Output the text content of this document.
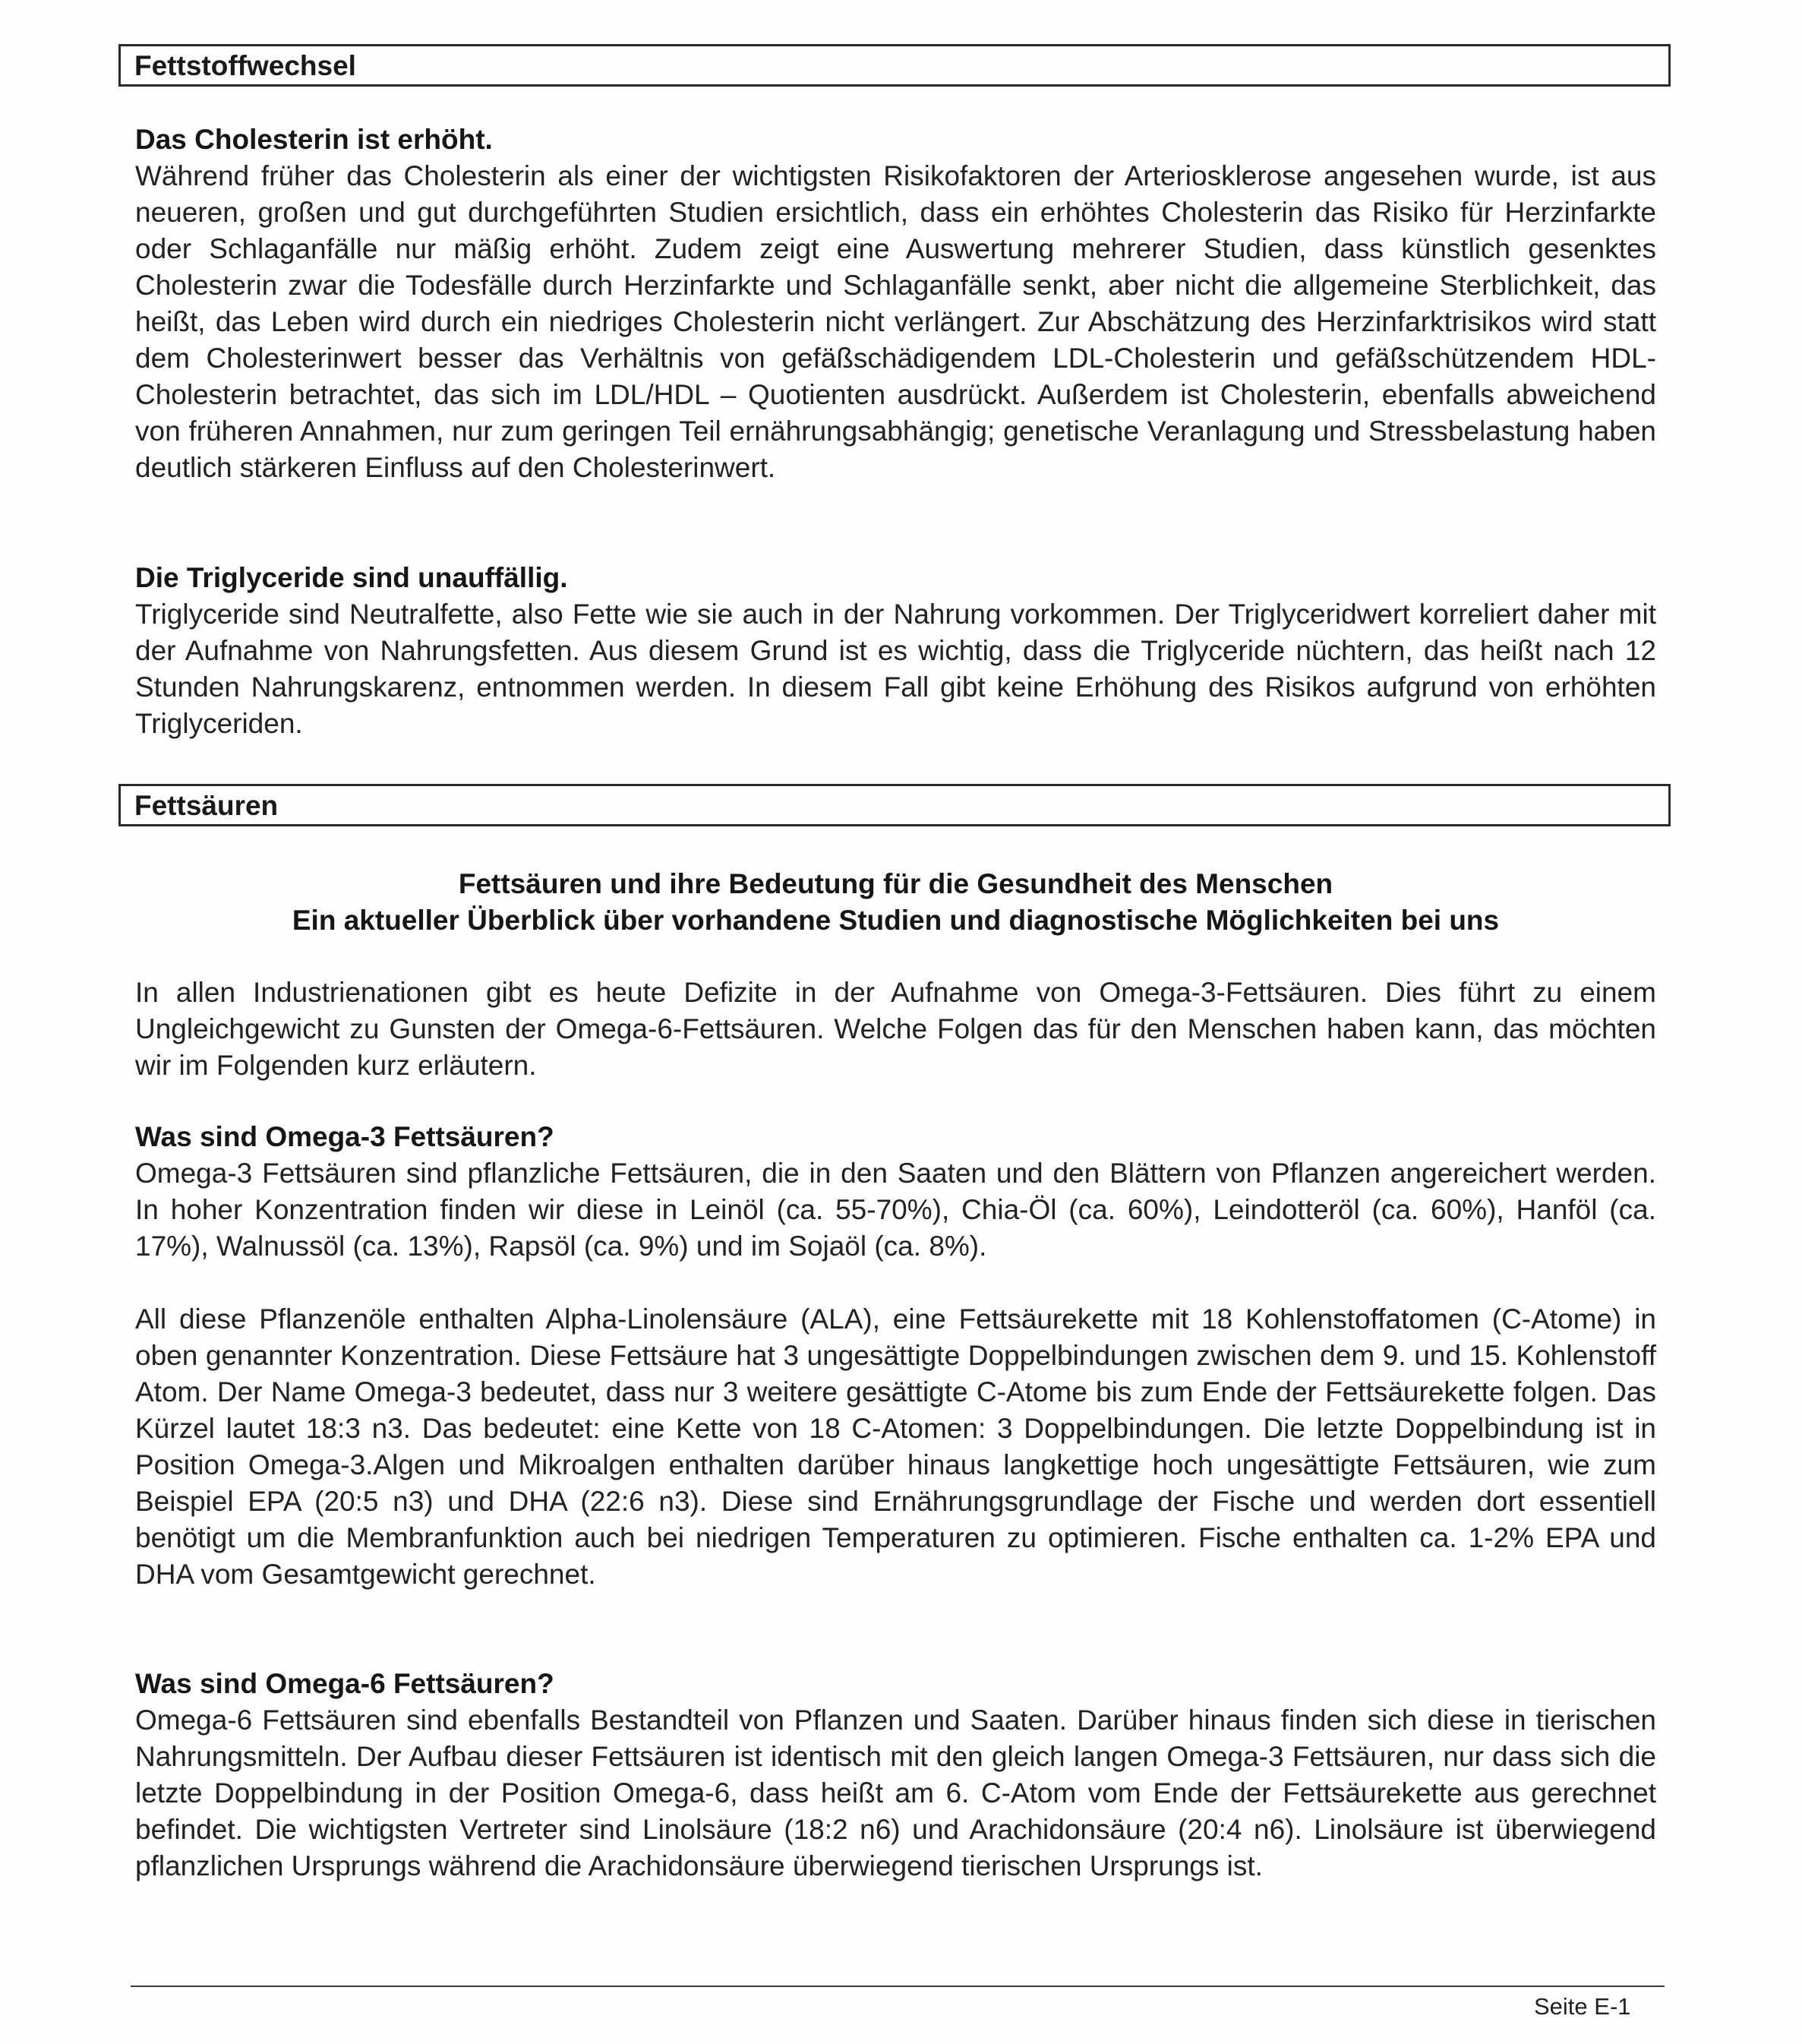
Fettstoffwechsel

Das Cholesterin ist erhöht.

Während früher das Cholesterin als einer der wichtigsten Risikofaktoren der Arteriosklerose angesehen wurde, ist aus neueren, großen und gut durchgeführten Studien ersichtlich, dass ein erhöhtes Cholesterin das Risiko für Herzinfarkte oder Schlaganfälle nur mäßig erhöht. Zudem zeigt eine Auswertung mehrerer Studien, dass künstlich gesenktes Cholesterin zwar die Todesfälle durch Herzinfarkte und Schlaganfälle senkt, aber nicht die allgemeine Sterblichkeit, das heißt, das Leben wird durch ein niedriges Cholesterin nicht verlängert. Zur Abschätzung des Herzinfarktrisikos wird statt dem Cholesterinwert besser das Verhältnis von gefäßschädigendem LDL-Cholesterin und gefäßschützendem HDL-Cholesterin betrachtet, das sich im LDL/HDL – Quotienten ausdrückt. Außerdem ist Cholesterin, ebenfalls abweichend von früheren Annahmen, nur zum geringen Teil ernährungsabhängig; genetische Veranlagung und Stressbelastung haben deutlich stärkeren Einfluss auf den Cholesterinwert.

Die Triglyceride sind unauffällig.

Triglyceride sind Neutralfette, also Fette wie sie auch in der Nahrung vorkommen. Der Triglyceridwert korreliert daher mit der Aufnahme von Nahrungsfetten. Aus diesem Grund ist es wichtig, dass die Triglyceride nüchtern, das heißt nach 12 Stunden Nahrungskarenz, entnommen werden. In diesem Fall gibt keine Erhöhung des Risikos aufgrund von erhöhten Triglyceriden.

Fettsäuren
Fettsäuren und ihre Bedeutung für die Gesundheit des Menschen
Ein aktueller Überblick über vorhandene Studien und diagnostische Möglichkeiten bei uns

In allen Industrienationen gibt es heute Defizite in der Aufnahme von Omega-3-Fettsäuren. Dies führt zu einem Ungleichgewicht zu Gunsten der Omega-6-Fettsäuren. Welche Folgen das für den Menschen haben kann, das möchten wir im Folgenden kurz erläutern.

Was sind Omega-3 Fettsäuren?

Omega-3 Fettsäuren sind pflanzliche Fettsäuren, die in den Saaten und den Blättern von Pflanzen angereichert werden. In hoher Konzentration finden wir diese in Leinöl (ca. 55-70%), Chia-Öl (ca. 60%), Leindotteröl (ca. 60%), Hanföl (ca. 17%), Walnussöl (ca. 13%), Rapsöl (ca. 9%) und im Sojaöl (ca. 8%).

All diese Pflanzenöle enthalten Alpha-Linolensäure (ALA), eine Fettsäurekette mit 18 Kohlenstoffatomen (C-Atome) in oben genannter Konzentration. Diese Fettsäure hat 3 ungesättigte Doppelbindungen zwischen dem 9. und 15. Kohlenstoff Atom. Der Name Omega-3 bedeutet, dass nur 3 weitere gesättigte C-Atome bis zum Ende der Fettsäurekette folgen. Das Kürzel lautet 18:3 n3. Das bedeutet: eine Kette von 18 C-Atomen: 3 Doppelbindungen. Die letzte Doppelbindung ist in Position Omega-3.Algen und Mikroalgen enthalten darüber hinaus langkettige hoch ungesättigte Fettsäuren, wie zum Beispiel EPA (20:5 n3) und DHA (22:6 n3). Diese sind Ernährungsgrundlage der Fische und werden dort essentiell benötigt um die Membranfunktion auch bei niedrigen Temperaturen zu optimieren. Fische enthalten ca. 1-2% EPA und DHA vom Gesamtgewicht gerechnet.

Was sind Omega-6 Fettsäuren?

Omega-6 Fettsäuren sind ebenfalls Bestandteil von Pflanzen und Saaten. Darüber hinaus finden sich diese in tierischen Nahrungsmitteln. Der Aufbau dieser Fettsäuren ist identisch mit den gleich langen Omega-3 Fettsäuren, nur dass sich die letzte Doppelbindung in der Position Omega-6, dass heißt am 6. C-Atom vom Ende der Fettsäurekette aus gerechnet befindet. Die wichtigsten Vertreter sind Linolsäure (18:2 n6) und Arachidonsäure (20:4 n6). Linolsäure ist überwiegend pflanzlichen Ursprungs während die Arachidonsäure überwiegend tierischen Ursprungs ist.

Seite E-1
